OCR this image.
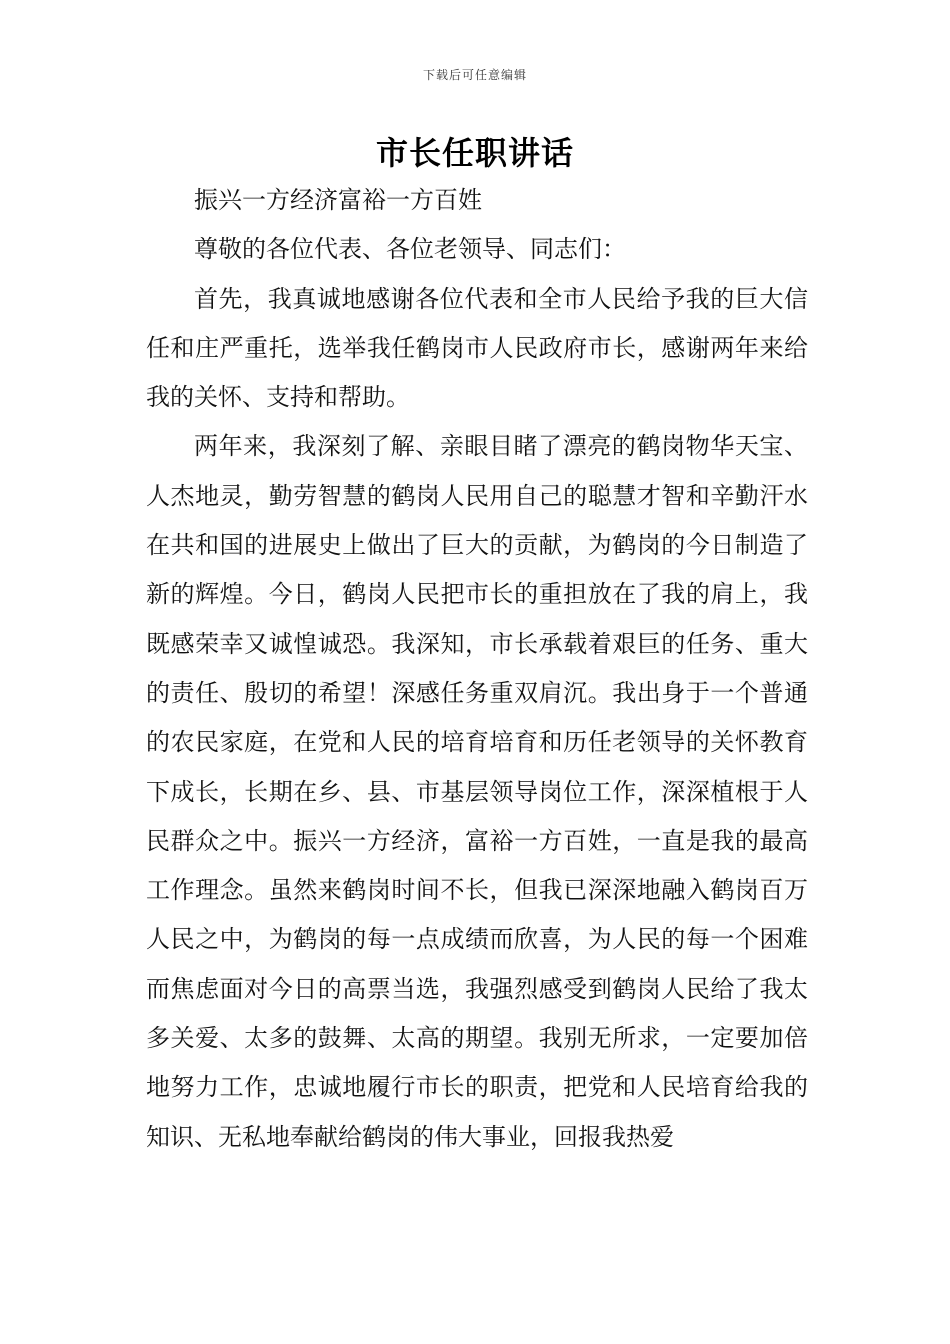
下载后可任意编辑
市长任职讲话

振兴一方经济富裕一方百姓

尊敬的各位代表、各位老领导、同志们：

首先，我真诚地感谢各位代表和全市人民给予我的巨大信任和庄严重托，选举我任鹤岗市人民政府市长，感谢两年来给我的关怀、支持和帮助。

两年来，我深刻了解、亲眼目睹了漂亮的鹤岗物华天宝、人杰地灵，勤劳智慧的鹤岗人民用自己的聪慧才智和辛勤汗水在共和国的进展史上做出了巨大的贡献，为鹤岗的今日制造了新的辉煌。今日，鹤岗人民把市长的重担放在了我的肩上，我既感荣幸又诚惶诚恐。我深知，市长承载着艰巨的任务、重大的责任、殷切的希望！深感任务重双肩沉。我出身于一个普通的农民家庭，在党和人民的培育培育和历任老领导的关怀教育下成长，长期在乡、县、市基层领导岗位工作，深深植根于人民群众之中。振兴一方经济，富裕一方百姓，一直是我的最高工作理念。虽然来鹤岗时间不长，但我已深深地融入鹤岗百万人民之中，为鹤岗的每一点成绩而欣喜，为人民的每一个困难而焦虑面对今日的高票当选，我强烈感受到鹤岗人民给了我太多关爱、太多的鼓舞、太高的期望。我别无所求，一定要加倍地努力工作，忠诚地履行市长的职责，把党和人民培育给我的知识、无私地奉献给鹤岗的伟大事业，回报我热爱
